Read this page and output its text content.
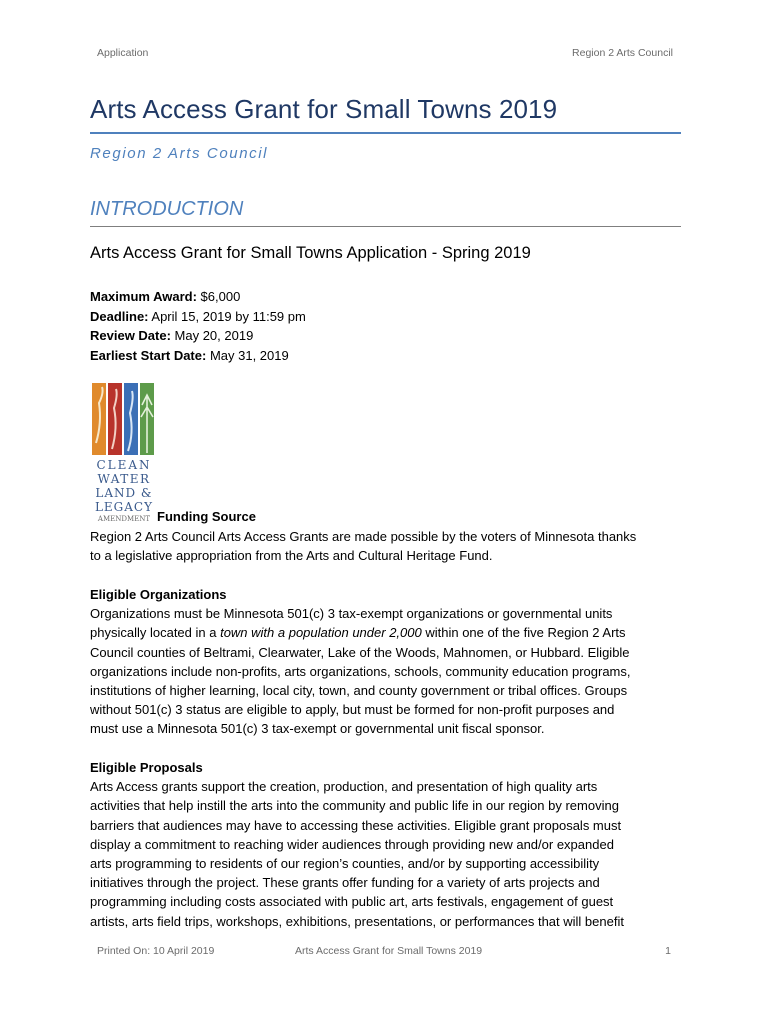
Application	Region 2 Arts Council
Arts Access Grant for Small Towns 2019
Region 2 Arts Council
INTRODUCTION
Arts Access Grant for Small Towns Application - Spring 2019
Maximum Award: $6,000
Deadline: April 15, 2019 by 11:59 pm
Review Date: May 20, 2019
Earliest Start Date: May 31, 2019
CLEAN
WATER
LAND &
LEGACY
AMENDMENT Funding Source
Region 2 Arts Council Arts Access Grants are made possible by the voters of Minnesota thanks
to a legislative appropriation from the Arts and Cultural Heritage Fund.
Eligible Organizations
Organizations must be Minnesota 501(c) 3 tax-exempt organizations or governmental units
physically located in a town with a population under 2,000 within one of the five Region 2 Arts
Council counties of Beltrami, Clearwater, Lake of the Woods, Mahnomen, or Hubbard. Eligible
organizations include non-profits, arts organizations, schools, community education programs,
institutions of higher learning, local city, town, and county government or tribal offices. Groups
without 501(c) 3 status are eligible to apply, but must be formed for non-profit purposes and
must use a Minnesota 501(c) 3 tax-exempt or governmental unit fiscal sponsor.
Eligible Proposals
Arts Access grants support the creation, production, and presentation of high quality arts
activities that help instill the arts into the community and public life in our region by removing
barriers that audiences may have to accessing these activities. Eligible grant proposals must
display a commitment to reaching wider audiences through providing new and/or expanded
arts programming to residents of our region’s counties, and/or by supporting accessibility
initiatives through the project. These grants offer funding for a variety of arts projects and
programming including costs associated with public art, arts festivals, engagement of guest
artists, arts field trips, workshops, exhibitions, presentations, or performances that will benefit
Printed On: 10 April 2019	Arts Access Grant for Small Towns 2019	1
